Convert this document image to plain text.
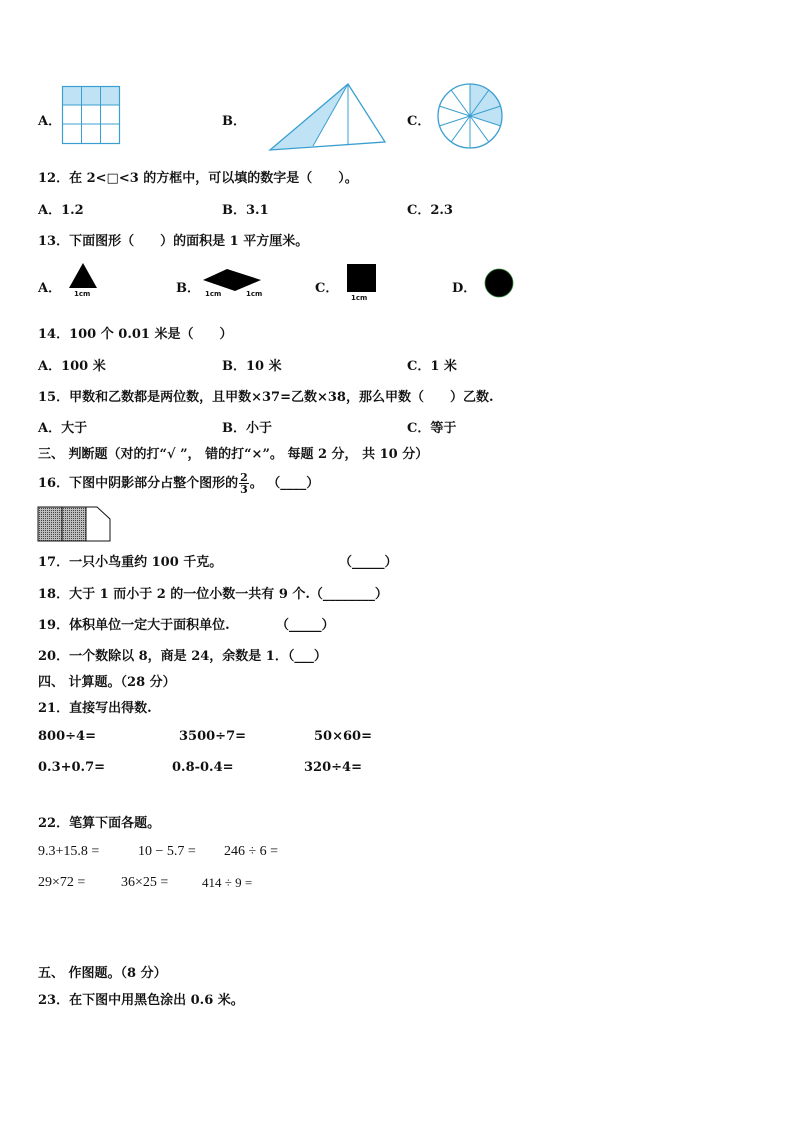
A．	B．	C．
12．在 2<□<3 的方框中，可以填的数字是（　　）。
A．1.2	B．3.1	C．2.3
13．下面图形（　　）的面积是 1 平方厘米。
A． 1cm	B． 1cm	1cm	C．
1cm
D．
14．100 个 0.01 米是（　　）
A．100 米	B．10 米	C．1 米
15．甲数和乙数都是两位数，且甲数×37=乙数×38，那么甲数（　　）乙数.
A．大于	B．小于	C．等于
三、 判断题（对的打“√ ”， 错的打“×”。 每题 2 分， 共 10 分）
16．下图中阴影部分占整个图形的 $\frac{2}{3}$ 。 （____）
17．一只小鸟重约 100 千克。	（_____）
18．大于 1 而小于 2 的一位小数一共有 9 个.（________）
19．体积单位一定大于面积单位.	（_____）
20．一个数除以 8，商是 24，余数是 1．（___）
四、 计算题。（28 分）
21．直接写出得数.
800÷4=	3500÷7=	50×60=
0.3+0.7=	0.8-0.4=	320÷4=
22．笔算下面各题。
9.3+15.8 =	10 − 5.7 = 246 ÷ 6 =
29×72 =	36×25 =	414 ÷ 9 =
五、 作图题。（8 分）
23．在下图中用黑色涂出 0.6 米。
